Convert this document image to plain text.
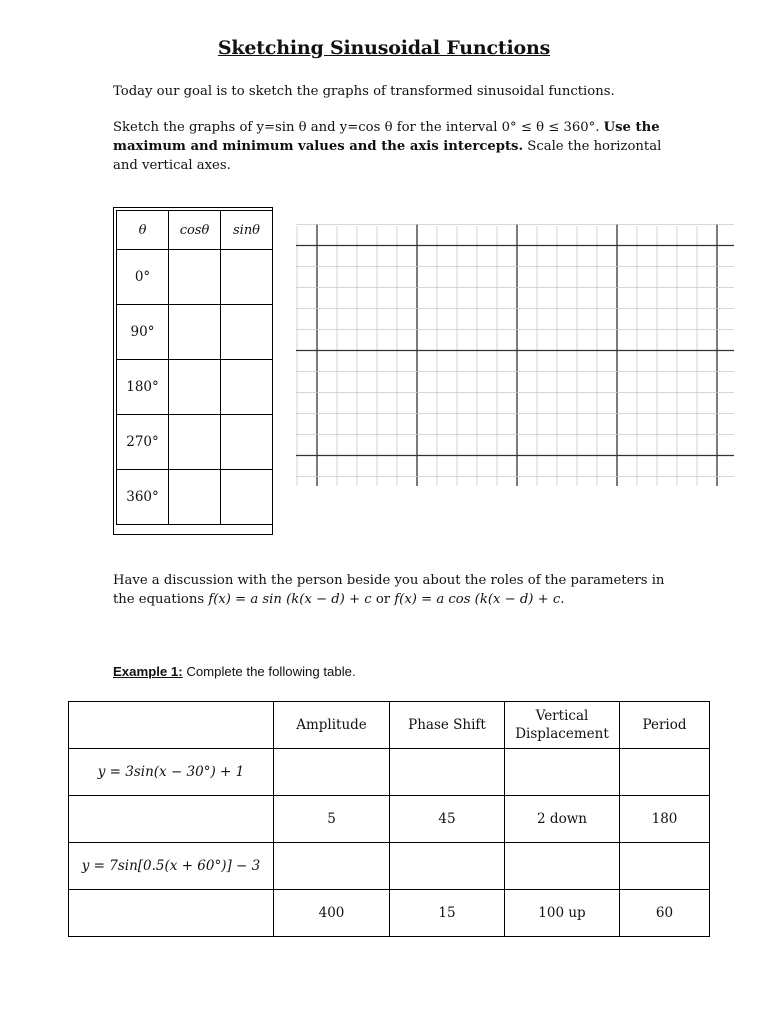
Sketching Sinusoidal Functions
Today our goal is to sketch the graphs of transformed sinusoidal functions.
Sketch the graphs of y=sin θ and y=cos θ for the interval 0° ≤ θ ≤ 360°. Use the maximum and minimum values and the axis intercepts. Scale the horizontal and vertical axes.
θ	cosθ	sinθ
0°		
90°		
180°		
270°		
360°		
Have a discussion with the person beside you about the roles of the parameters in the equations f(x) = a sin (k(x − d) + c or f(x) = a cos (k(x − d) + c.
Example 1: Complete the following table.
	Amplitude	Phase Shift	Vertical Displacement	Period
y = 3sin(x − 30°) + 1				
	5	45	2 down	180
y = 7sin[0.5(x + 60°)] − 3				
	400	15	100 up	60
